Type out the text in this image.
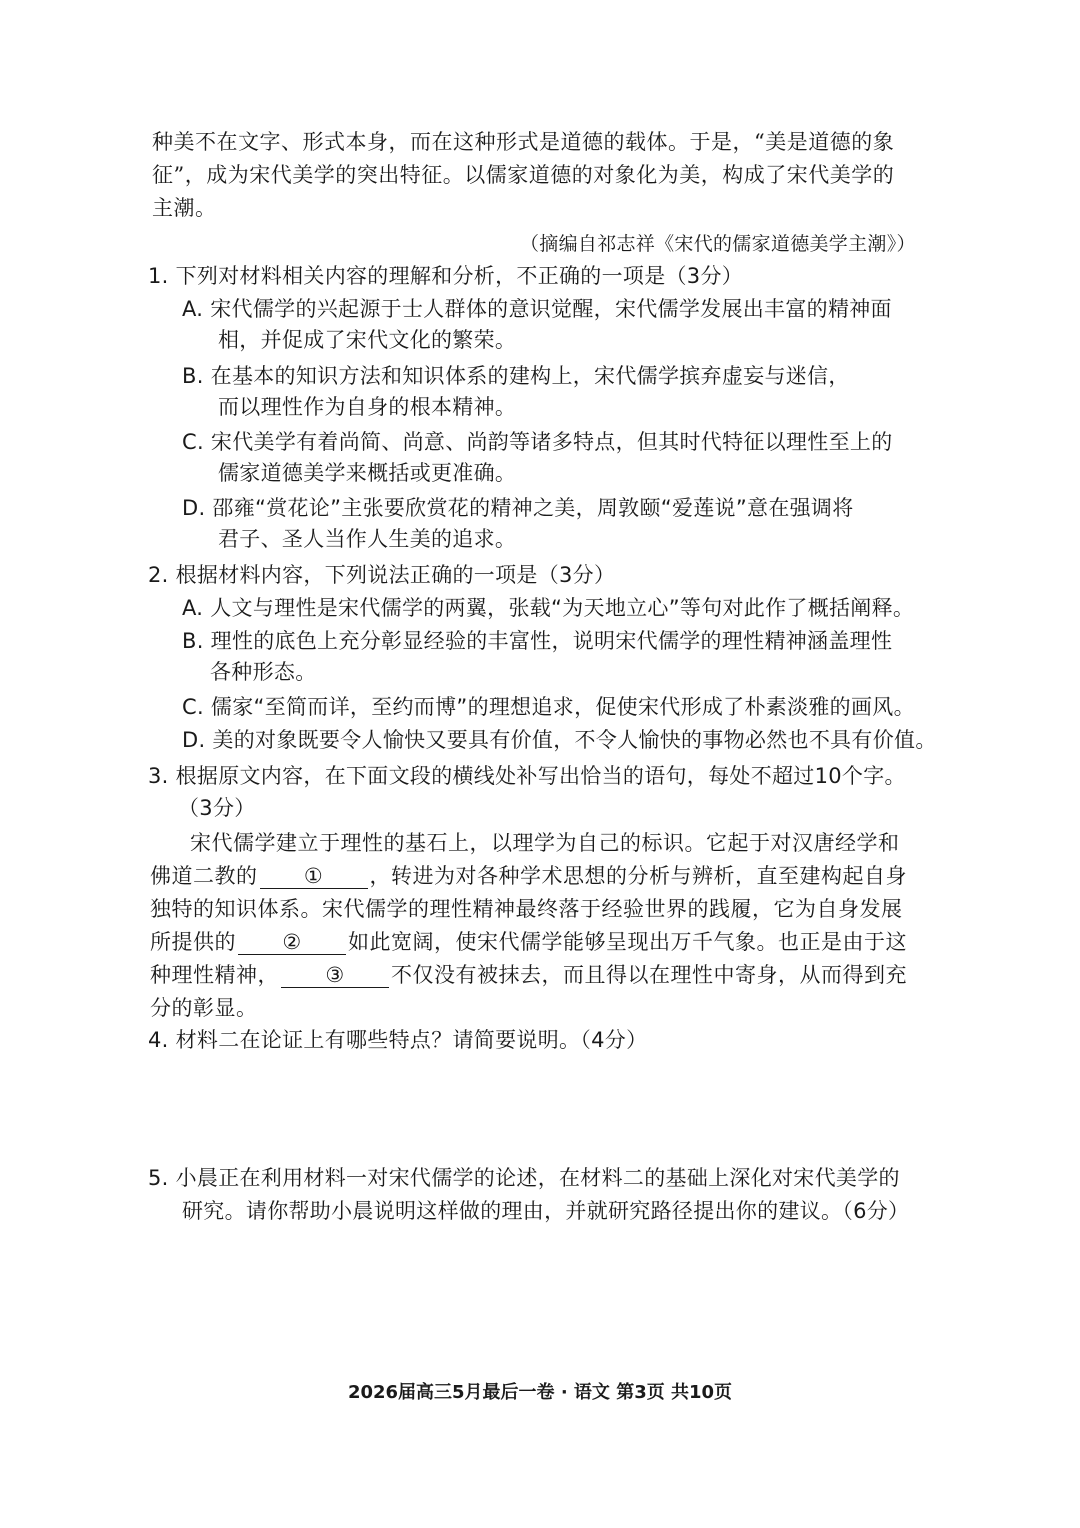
种美不在文字、形式本身，而在这种形式是道德的载体。于是，“美是道德的象
征”，成为宋代美学的突出特征。以儒家道德的对象化为美，构成了宋代美学的
主潮。
（摘编自祁志祥《宋代的儒家道德美学主潮》）
1. 下列对材料相关内容的理解和分析，不正确的一项是（3分）
A. 宋代儒学的兴起源于士人群体的意识觉醒，宋代儒学发展出丰富的精神面
相，并促成了宋代文化的繁荣。
B. 在基本的知识方法和知识体系的建构上，宋代儒学摈弃虚妄与迷信，
而以理性作为自身的根本精神。
C. 宋代美学有着尚简、尚意、尚韵等诸多特点，但其时代特征以理性至上的
儒家道德美学来概括或更准确。
D. 邵雍“赏花论”主张要欣赏花的精神之美，周敦颐“爱莲说”意在强调将
君子、圣人当作人生美的追求。
2. 根据材料内容，下列说法正确的一项是（3分）
A. 人文与理性是宋代儒学的两翼，张载“为天地立心”等句对此作了概括阐释。
B. 理性的底色上充分彰显经验的丰富性，说明宋代儒学的理性精神涵盖理性
各种形态。
C. 儒家“至简而详，至约而博”的理想追求，促使宋代形成了朴素淡雅的画风。
D. 美的对象既要令人愉快又要具有价值，不令人愉快的事物必然也不具有价值。
3. 根据原文内容，在下面文段的横线处补写出恰当的语句，每处不超过10个字。
（3分）
宋代儒学建立于理性的基石上，以理学为自己的标识。它起于对汉唐经学和
佛道二教的 ① ，转进为对各种学术思想的分析与辨析，直至建构起自身
独特的知识体系。宋代儒学的理性精神最终落于经验世界的践履，它为自身发展
所提供的 ② 如此宽阔，使宋代儒学能够呈现出万千气象。也正是由于这
种理性精神， ③ 不仅没有被抹去，而且得以在理性中寄身，从而得到充
分的彰显。
4. 材料二在论证上有哪些特点？请简要说明。（4分）
5. 小晨正在利用材料一对宋代儒学的论述，在材料二的基础上深化对宋代美学的
研究。请你帮助小晨说明这样做的理由，并就研究路径提出你的建议。（6分）
2026届高三5月最后一卷 · 语文 第3页 共10页
